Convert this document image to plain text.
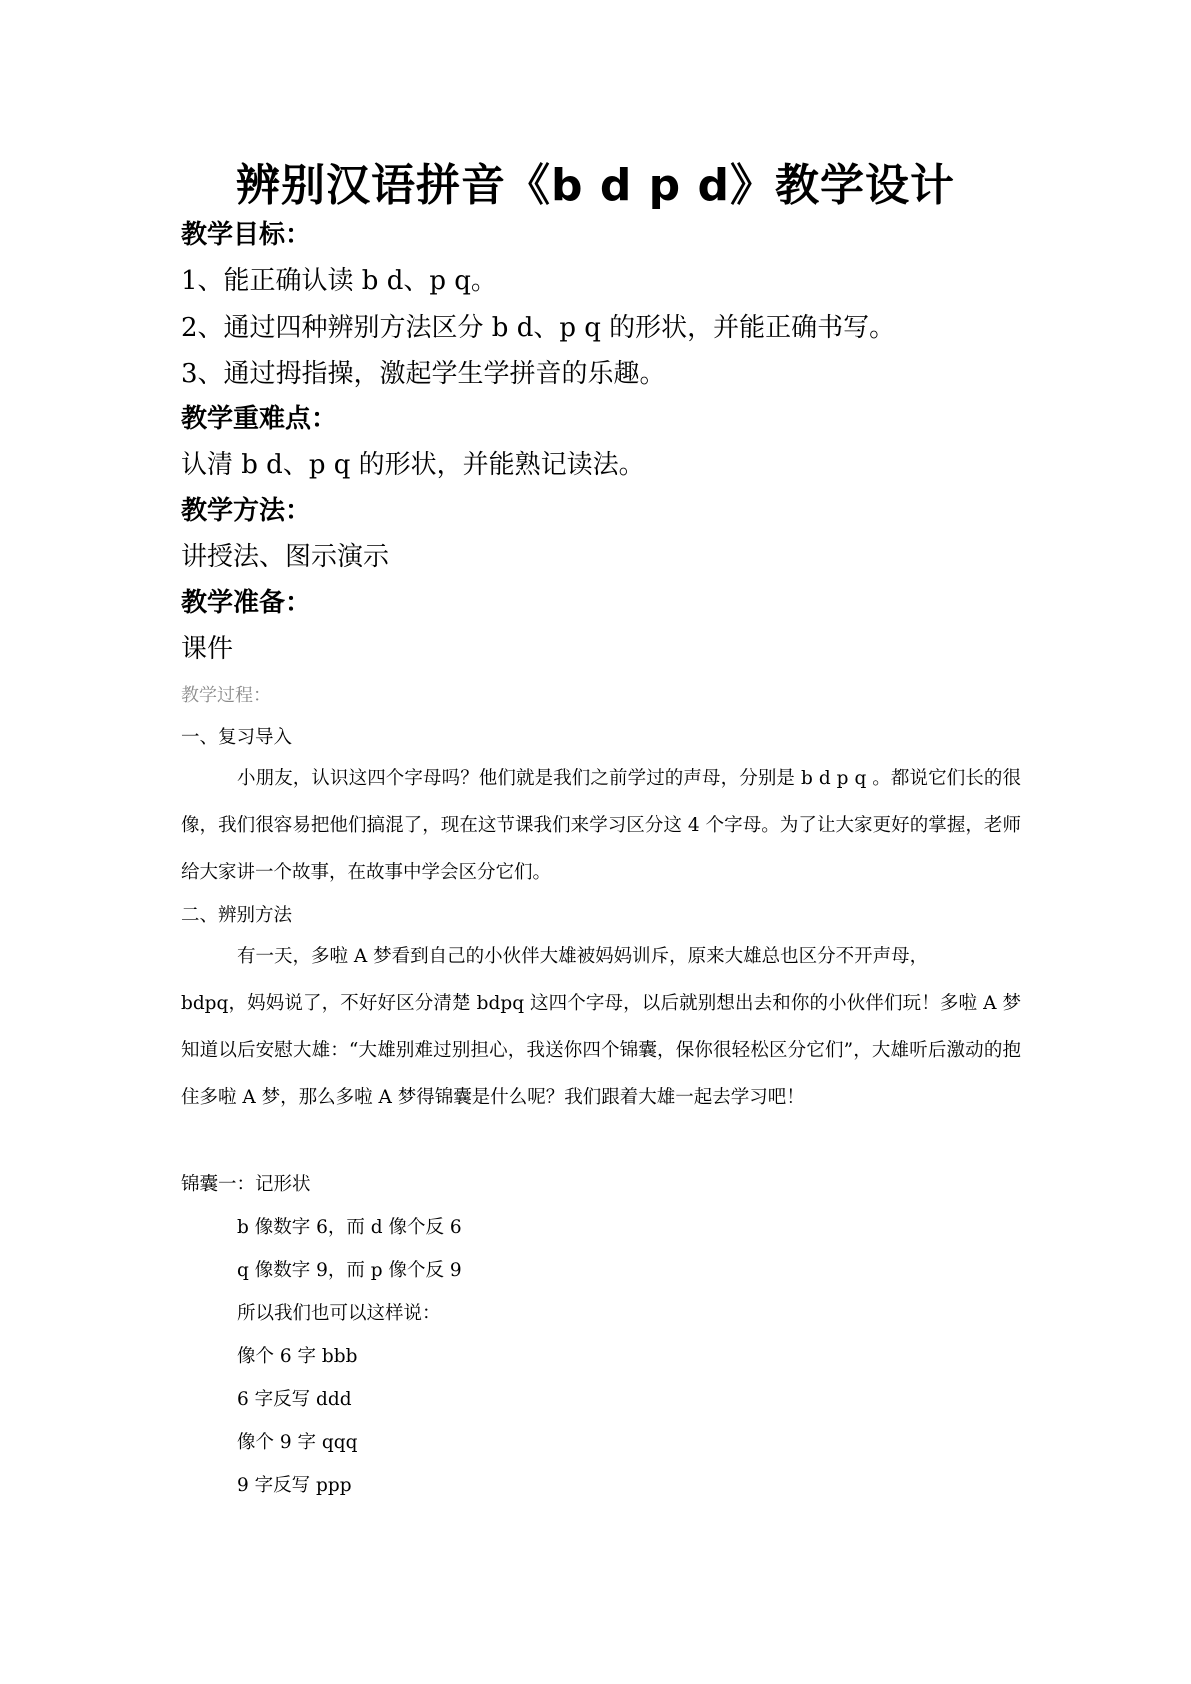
辨别汉语拼音《b d p d》教学设计
教学目标：
1、能正确认读 b d、p q。
2、通过四种辨别方法区分 b d、p q 的形状，并能正确书写。
3、通过拇指操，激起学生学拼音的乐趣。
教学重难点：
认清 b d、p q 的形状，并能熟记读法。
教学方法：
讲授法、图示演示
教学准备：
课件
教学过程：
一、复习导入
小朋友，认识这四个字母吗？他们就是我们之前学过的声母，分别是 b d p q 。都说它们长的很像，我们很容易把他们搞混了，现在这节课我们来学习区分这 4 个字母。为了让大家更好的掌握，老师给大家讲一个故事，在故事中学会区分它们。
二、辨别方法
有一天，多啦 A 梦看到自己的小伙伴大雄被妈妈训斥，原来大雄总也区分不开声母，
bdpq，妈妈说了，不好好区分清楚 bdpq 这四个字母，以后就别想出去和你的小伙伴们玩！多啦 A 梦知道以后安慰大雄：“大雄别难过别担心，我送你四个锦囊，保你很轻松区分它们”，大雄听后激动的抱住多啦 A 梦，那么多啦 A 梦得锦囊是什么呢？我们跟着大雄一起去学习吧！
锦囊一：记形状
b 像数字 6，而 d 像个反 6
q 像数字 9，而 p 像个反 9
所以我们也可以这样说：
像个 6 字 bbb
6 字反写 ddd
像个 9 字 qqq
9 字反写 ppp
